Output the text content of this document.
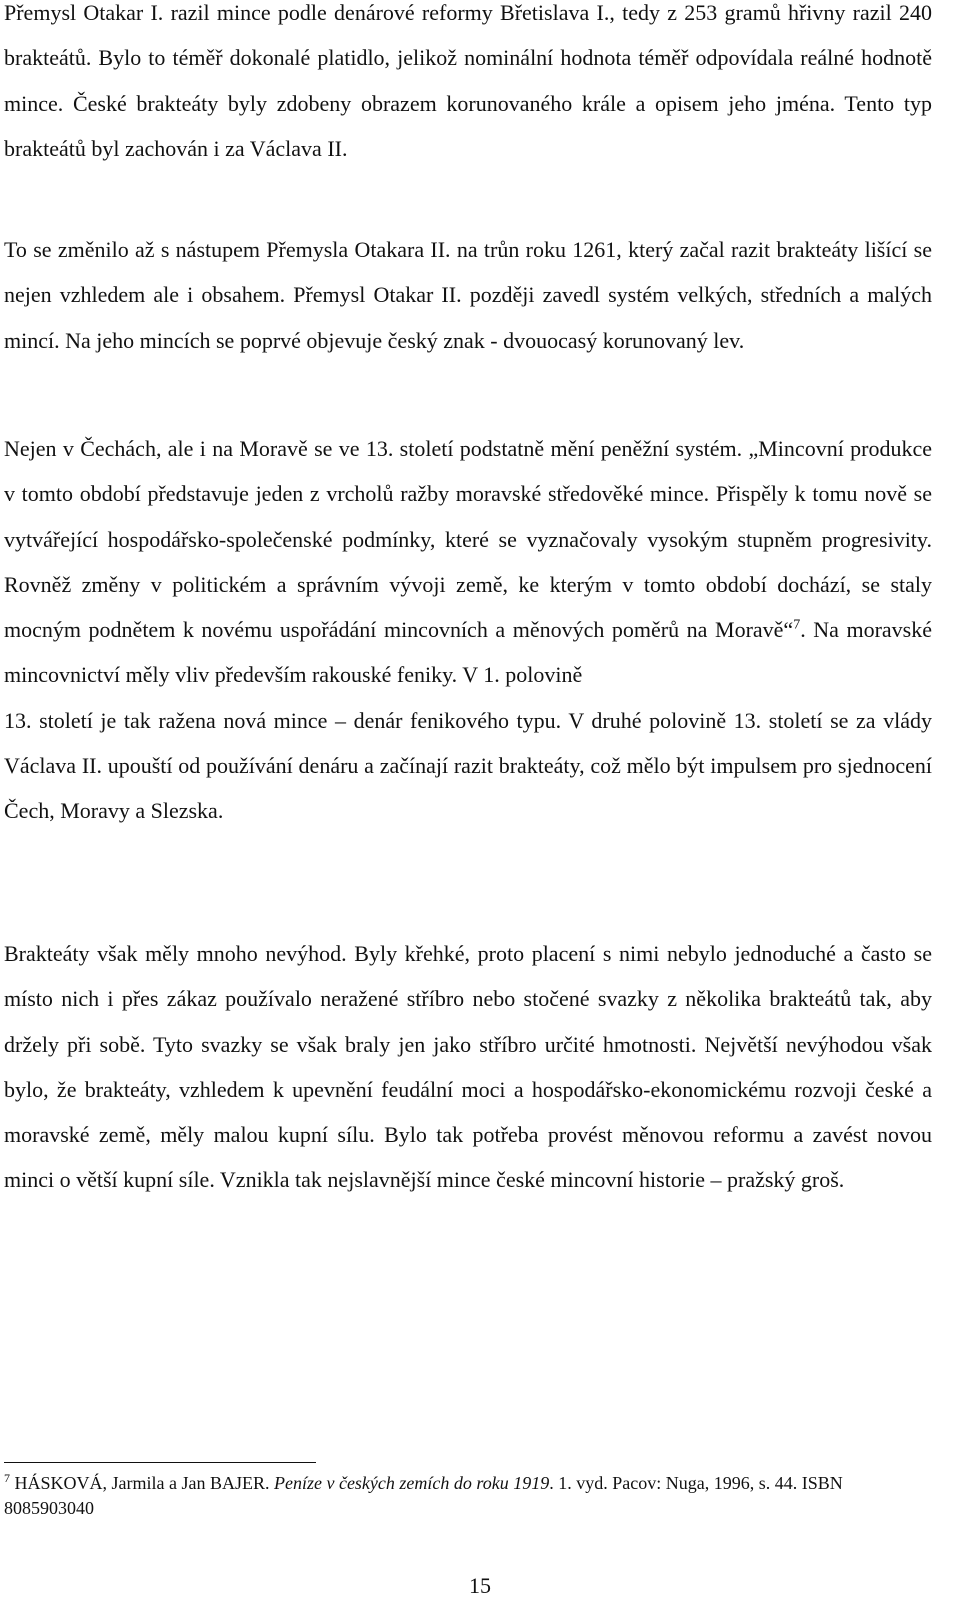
Přemysl Otakar I. razil mince podle denárové reformy Břetislava I., tedy z 253 gramů hřivny razil 240 brakteátů. Bylo to téměř dokonalé platidlo, jelikož nominální hodnota téměř odpovídala reálné hodnotě mince. České brakteáty byly zdobeny obrazem korunovaného krále a opisem jeho jména. Tento typ brakteátů byl zachován i za Václava II.

To se změnilo až s nástupem Přemysla Otakara II. na trůn roku 1261, který začal razit brakteáty lišící se nejen vzhledem ale i obsahem. Přemysl Otakar II. později zavedl systém velkých, středních a malých mincí. Na jeho mincích se poprvé objevuje český znak - dvouocasý korunovaný lev.

Nejen v Čechách, ale i na Moravě se ve 13. století podstatně mění peněžní systém. „Mincovní produkce v tomto období představuje jeden z vrcholů ražby moravské středověké mince. Přispěly k tomu nově se vytvářející hospodářsko-společenské podmínky, které se vyznačovaly vysokým stupněm progresivity. Rovněž změny v politickém a správním vývoji země, ke kterým v tomto období dochází, se staly mocným podnětem k novému uspořádání mincovních a měnových poměrů na Moravě“$^7$. Na moravské mincovnictví měly vliv především rakouské feniky. V 1. polovině
13. století je tak ražena nová mince – denár fenikového typu. V druhé polovině 13. století se za vlády Václava II. upouští od používání denáru a začínají razit brakteáty, což mělo být impulsem pro sjednocení Čech, Moravy a Slezska.

Brakteáty však měly mnoho nevýhod. Byly křehké, proto placení s nimi nebylo jednoduché a často se místo nich i přes zákaz používalo neražené stříbro nebo stočené svazky z několika brakteátů tak, aby držely při sobě. Tyto svazky se však braly jen jako stříbro určité hmotnosti. Největší nevýhodou však bylo, že brakteáty, vzhledem k upevnění feudální moci a hospodářsko-ekonomickému rozvoji české a moravské země, měly malou kupní sílu. Bylo tak potřeba provést měnovou reformu a zavést novou minci o větší kupní síle. Vznikla tak nejslavnější mince české mincovní historie – pražský groš.

$^7$ HÁSKOVÁ, Jarmila a Jan BAJER. Peníze v českých zemích do roku 1919. 1. vyd. Pacov: Nuga, 1996, s. 44. ISBN 8085903040

15
